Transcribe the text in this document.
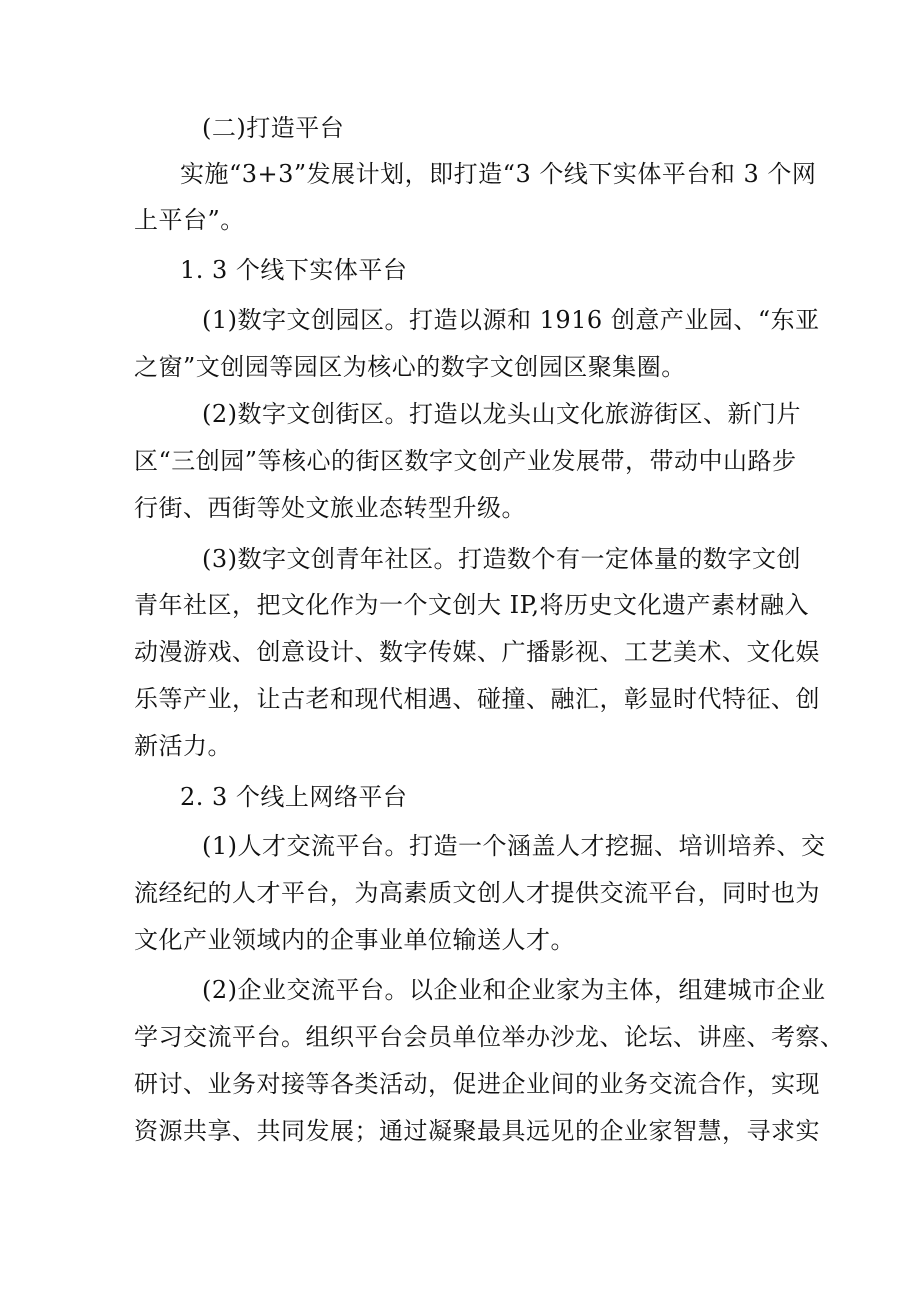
(二)打造平台
实施“3+3”发展计划，即打造“3 个线下实体平台和 3 个网
上平台”。
1. 3 个线下实体平台
(1)数字文创园区。打造以源和 1916 创意产业园、“东亚
之窗”文创园等园区为核心的数字文创园区聚集圈。
(2)数字文创街区。打造以龙头山文化旅游街区、新门片
区“三创园”等核心的街区数字文创产业发展带，带动中山路步
行街、西街等处文旅业态转型升级。
(3)数字文创青年社区。打造数个有一定体量的数字文创
青年社区，把文化作为一个文创大 IP,将历史文化遗产素材融入
动漫游戏、创意设计、数字传媒、广播影视、工艺美术、文化娱
乐等产业，让古老和现代相遇、碰撞、融汇，彰显时代特征、创
新活力。
2. 3 个线上网络平台
(1)人才交流平台。打造一个涵盖人才挖掘、培训培养、交
流经纪的人才平台，为高素质文创人才提供交流平台，同时也为
文化产业领域内的企事业单位输送人才。
(2)企业交流平台。以企业和企业家为主体，组建城市企业
学习交流平台。组织平台会员单位举办沙龙、论坛、讲座、考察、
研讨、业务对接等各类活动，促进企业间的业务交流合作，实现
资源共享、共同发展；通过凝聚最具远见的企业家智慧，寻求实
